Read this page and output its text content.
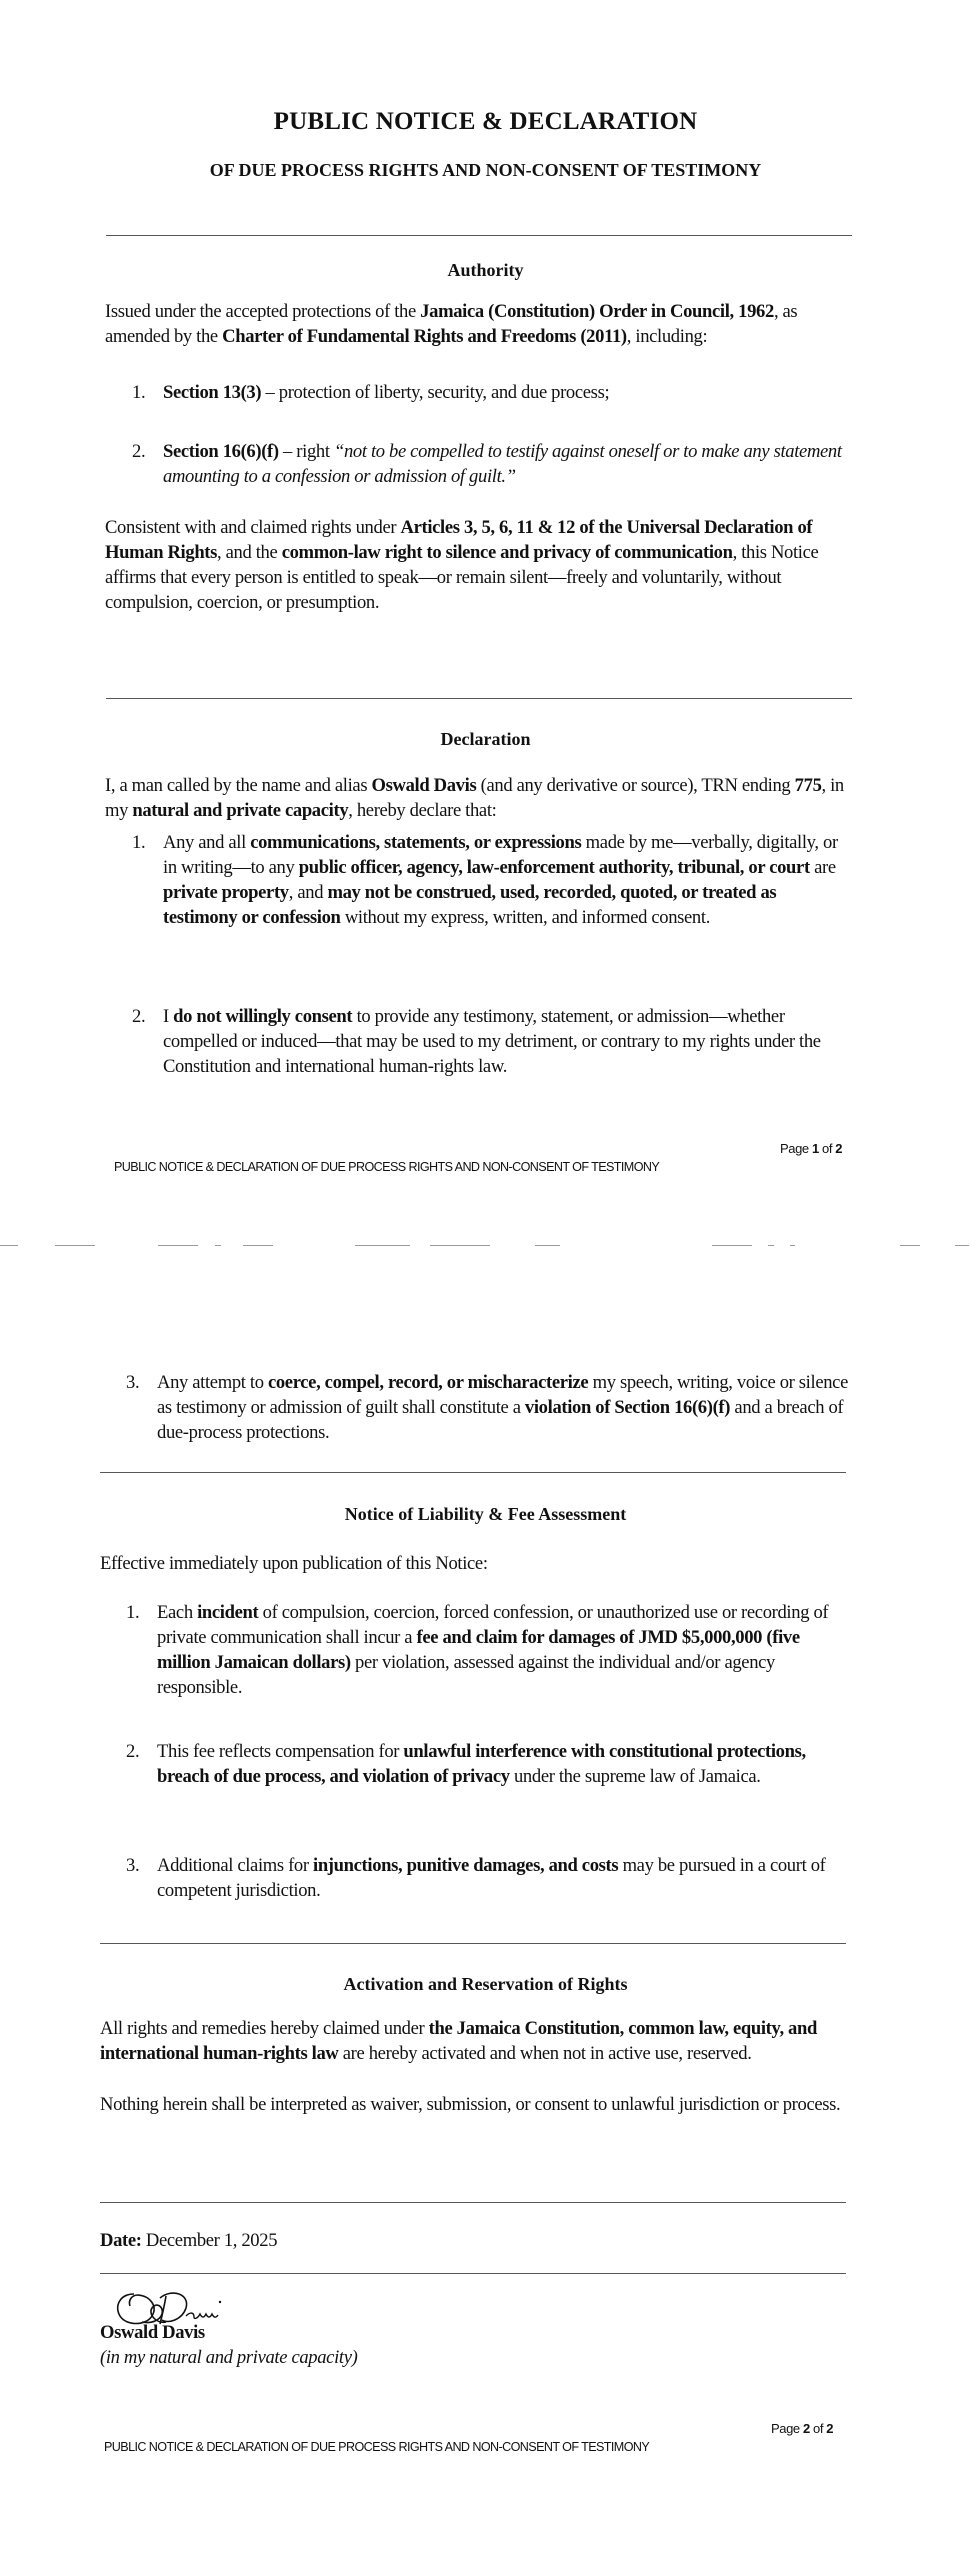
PUBLIC NOTICE & DECLARATION
OF DUE PROCESS RIGHTS AND NON-CONSENT OF TESTIMONY
Authority
Issued under the accepted protections of the Jamaica (Constitution) Order in Council, 1962, as amended by the Charter of Fundamental Rights and Freedoms (2011), including:
1. Section 13(3) – protection of liberty, security, and due process;
2. Section 16(6)(f) – right “not to be compelled to testify against oneself or to make any statement amounting to a confession or admission of guilt.”
Consistent with and claimed rights under Articles 3, 5, 6, 11 & 12 of the Universal Declaration of Human Rights, and the common-law right to silence and privacy of communication, this Notice affirms that every person is entitled to speak—or remain silent—freely and voluntarily, without compulsion, coercion, or presumption.
Declaration
I, a man called by the name and alias Oswald Davis (and any derivative or source), TRN ending 775, in my natural and private capacity, hereby declare that:
1. Any and all communications, statements, or expressions made by me—verbally, digitally, or in writing—to any public officer, agency, law-enforcement authority, tribunal, or court are private property, and may not be construed, used, recorded, quoted, or treated as testimony or confession without my express, written, and informed consent.
2. I do not willingly consent to provide any testimony, statement, or admission—whether compelled or induced—that may be used to my detriment, or contrary to my rights under the Constitution and international human-rights law.
Page 1 of 2
PUBLIC NOTICE & DECLARATION OF DUE PROCESS RIGHTS AND NON-CONSENT OF TESTIMONY
3. Any attempt to coerce, compel, record, or mischaracterize my speech, writing, voice or silence as testimony or admission of guilt shall constitute a violation of Section 16(6)(f) and a breach of due-process protections.
Notice of Liability & Fee Assessment
Effective immediately upon publication of this Notice:
1. Each incident of compulsion, coercion, forced confession, or unauthorized use or recording of private communication shall incur a fee and claim for damages of JMD $5,000,000 (five million Jamaican dollars) per violation, assessed against the individual and/or agency responsible.
2. This fee reflects compensation for unlawful interference with constitutional protections, breach of due process, and violation of privacy under the supreme law of Jamaica.
3. Additional claims for injunctions, punitive damages, and costs may be pursued in a court of competent jurisdiction.
Activation and Reservation of Rights
All rights and remedies hereby claimed under the Jamaica Constitution, common law, equity, and international human-rights law are hereby activated and when not in active use, reserved.
Nothing herein shall be interpreted as waiver, submission, or consent to unlawful jurisdiction or process.
Date: December 1, 2025
Oswald Davis
(in my natural and private capacity)
Page 2 of 2
PUBLIC NOTICE & DECLARATION OF DUE PROCESS RIGHTS AND NON-CONSENT OF TESTIMONY
